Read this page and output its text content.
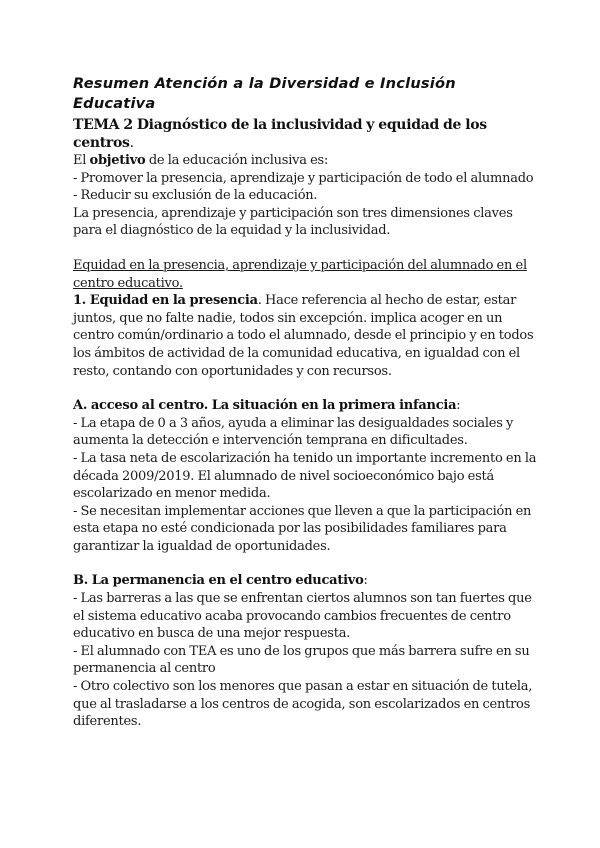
Resumen Atención a la Diversidad e Inclusión Educativa
TEMA 2 Diagnóstico de la inclusividad y equidad de los centros.

El objetivo de la educación inclusiva es:

- Promover la presencia, aprendizaje y participación de todo el alumnado

- Reducir su exclusión de la educación.

La presencia, aprendizaje y participación son tres dimensiones claves para el diagnóstico de la equidad y la inclusividad.

Equidad en la presencia, aprendizaje y participación del alumnado en el centro educativo.

1. Equidad en la presencia. Hace referencia al hecho de estar, estar juntos, que no falte nadie, todos sin excepción. implica acoger en un centro común/ordinario a todo el alumnado, desde el principio y en todos los ámbitos de actividad de la comunidad educativa, en igualdad con el resto, contando con oportunidades y con recursos.

A. acceso al centro. La situación en la primera infancia:

- La etapa de 0 a 3 años, ayuda a eliminar las desigualdades sociales y aumenta la detección e intervención temprana en dificultades.

- La tasa neta de escolarización ha tenido un importante incremento en la década 2009/2019. El alumnado de nivel socioeconómico bajo está escolarizado en menor medida.

- Se necesitan implementar acciones que lleven a que la participación en esta etapa no esté condicionada por las posibilidades familiares para garantizar la igualdad de oportunidades.

B. La permanencia en el centro educativo:

- Las barreras a las que se enfrentan ciertos alumnos son tan fuertes que el sistema educativo acaba provocando cambios frecuentes de centro educativo en busca de una mejor respuesta.

- El alumnado con TEA es uno de los grupos que más barrera sufre en su permanencia al centro

- Otro colectivo son los menores que pasan a estar en situación de tutela, que al trasladarse a los centros de acogida, son escolarizados en centros diferentes.
